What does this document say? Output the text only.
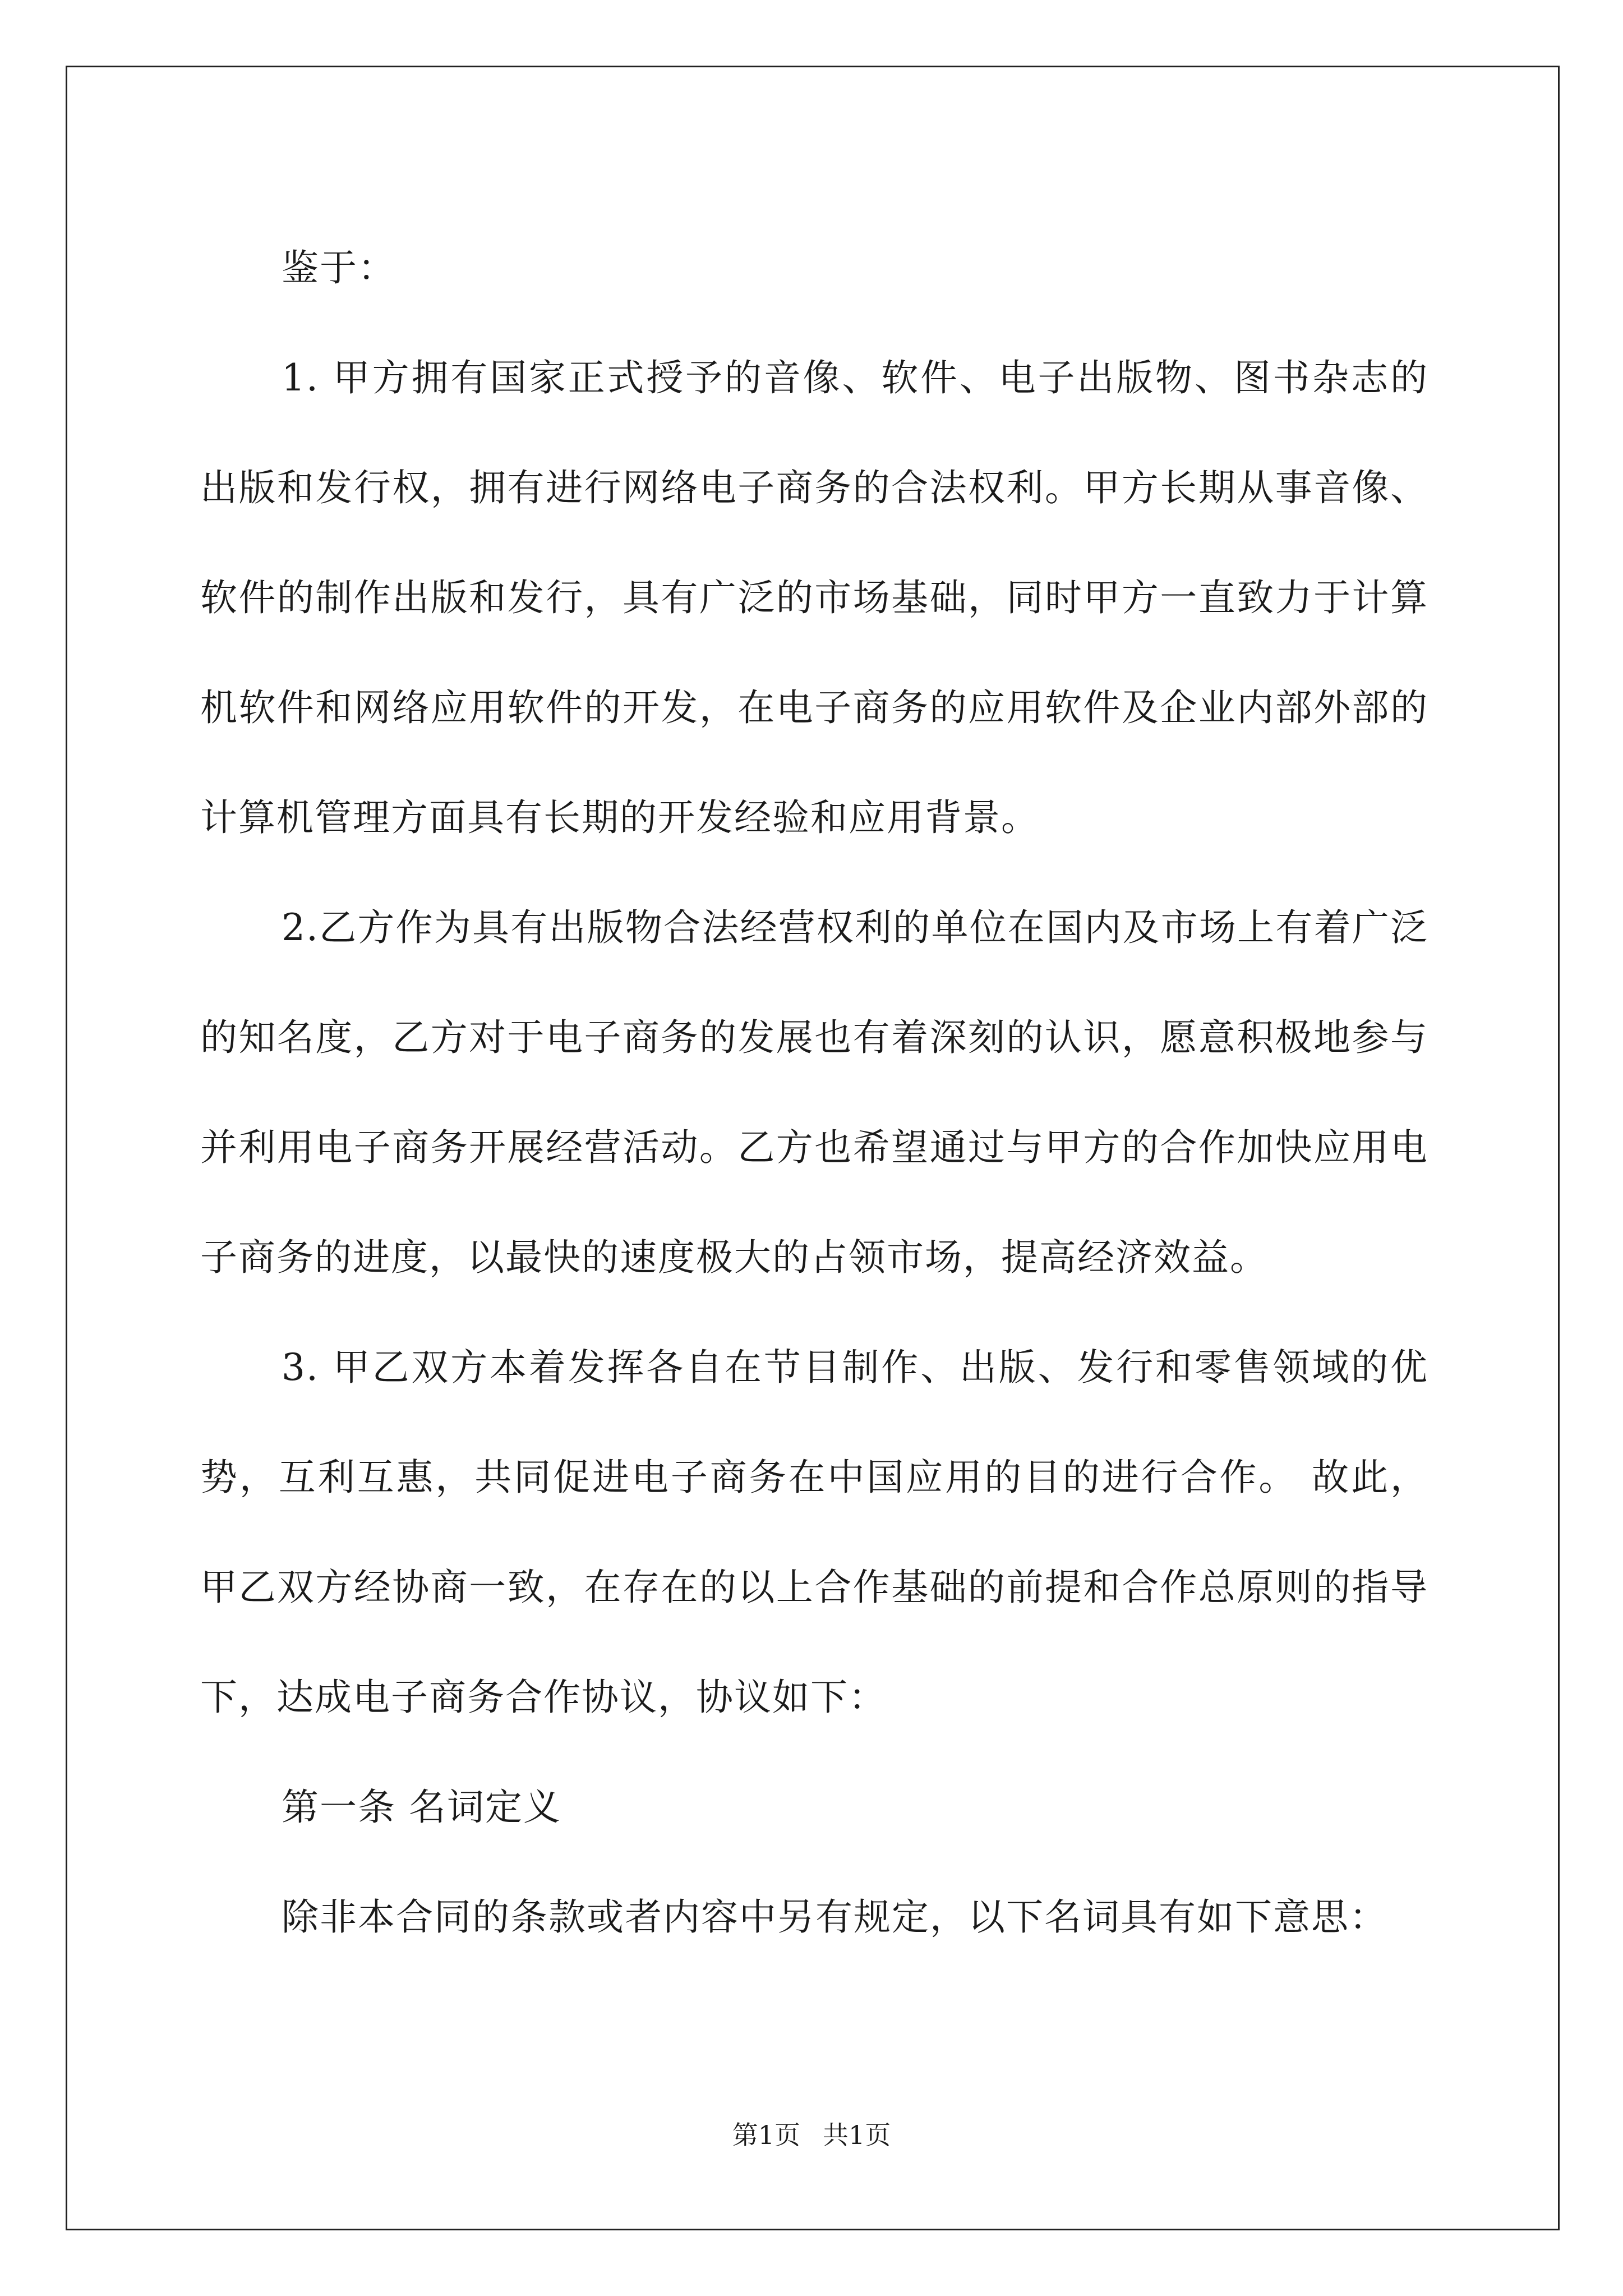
鉴于：

1. 甲方拥有国家正式授予的音像、软件、电子出版物、图书杂志的出版和发行权，拥有进行网络电子商务的合法权利。甲方长期从事音像、软件的制作出版和发行，具有广泛的市场基础，同时甲方一直致力于计算机软件和网络应用软件的开发，在电子商务的应用软件及企业内部外部的计算机管理方面具有长期的开发经验和应用背景。

2.乙方作为具有出版物合法经营权利的单位在国内及市场上有着广泛的知名度，乙方对于电子商务的发展也有着深刻的认识，愿意积极地参与并利用电子商务开展经营活动。乙方也希望通过与甲方的合作加快应用电子商务的进度，以最快的速度极大的占领市场，提高经济效益。

3. 甲乙双方本着发挥各自在节目制作、出版、发行和零售领域的优势，互利互惠，共同促进电子商务在中国应用的目的进行合作。 故此，甲乙双方经协商一致，在存在的以上合作基础的前提和合作总原则的指导下，达成电子商务合作协议，协议如下：

第一条 名词定义

除非本合同的条款或者内容中另有规定，以下名词具有如下意思：

第1页 共1页
